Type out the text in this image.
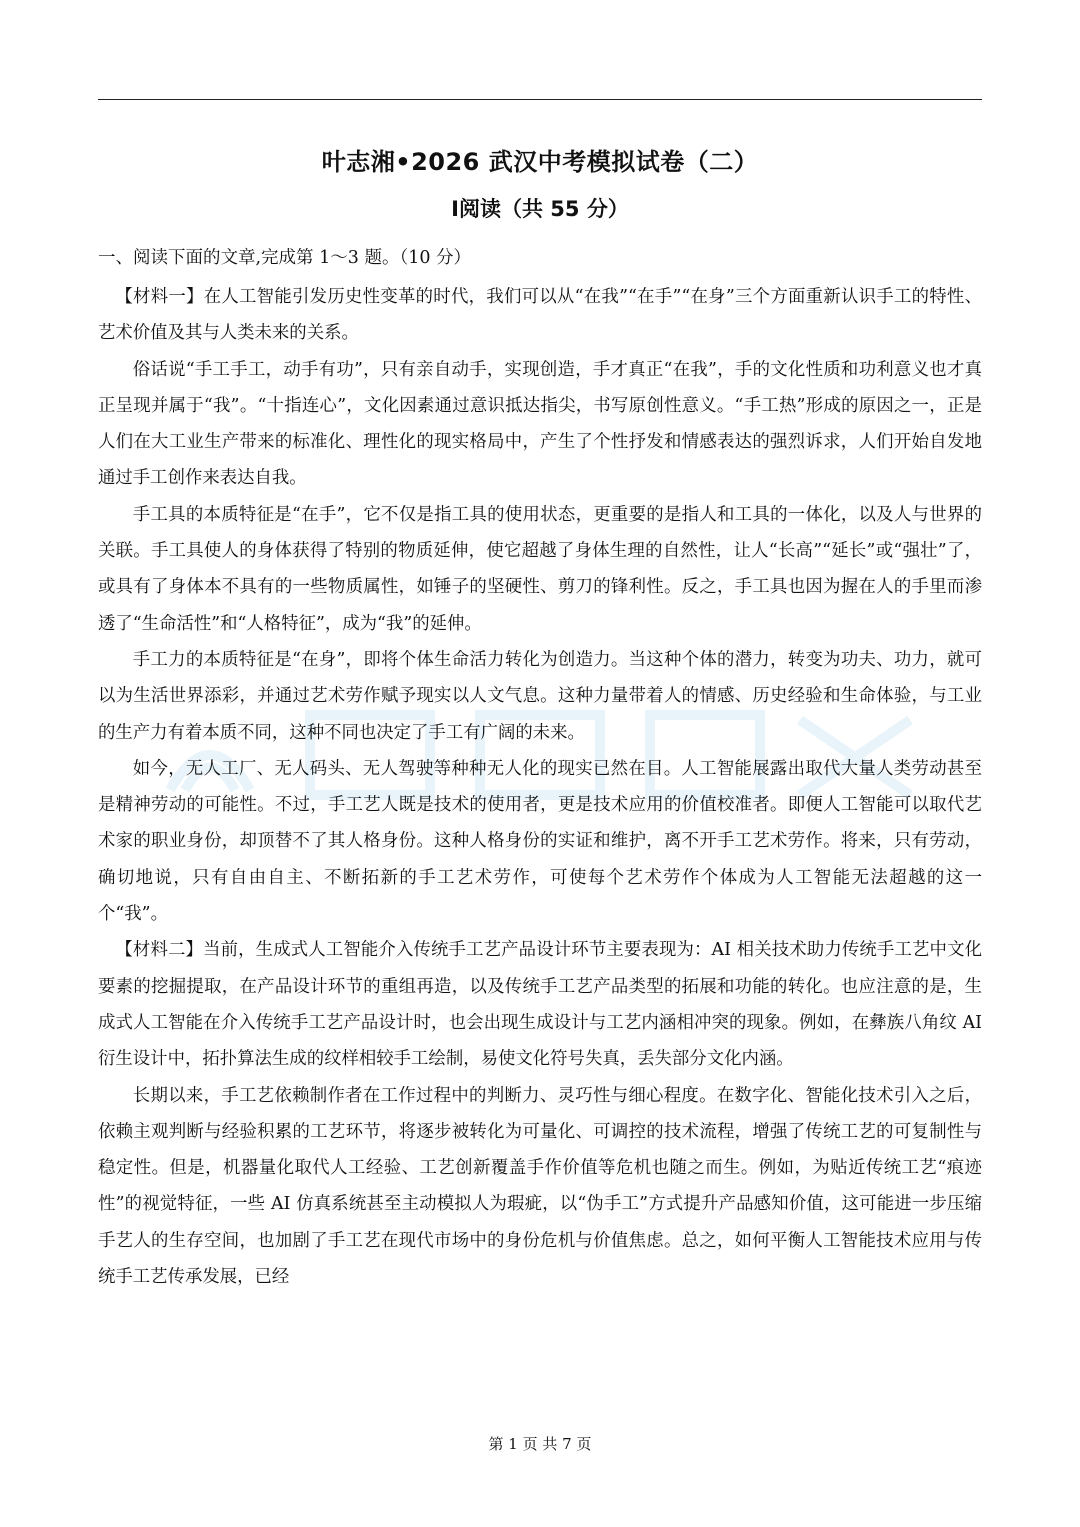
叶志湘•2026 武汉中考模拟试卷（二）
Ⅰ阅读（共 55 分）

一、阅读下面的文章,完成第 1～3 题。（10 分）

【材料一】在人工智能引发历史性变革的时代，我们可以从“在我”“在手”“在身”三个方面重新认识手工的特性、艺术价值及其与人类未来的关系。

俗话说“手工手工，动手有功”，只有亲自动手，实现创造，手才真正“在我”，手的文化性质和功利意义也才真正呈现并属于“我”。“十指连心”，文化因素通过意识抵达指尖，书写原创性意义。“手工热”形成的原因之一，正是人们在大工业生产带来的标准化、理性化的现实格局中，产生了个性抒发和情感表达的强烈诉求，人们开始自发地通过手工创作来表达自我。

手工具的本质特征是“在手”，它不仅是指工具的使用状态，更重要的是指人和工具的一体化，以及人与世界的关联。手工具使人的身体获得了特别的物质延伸，使它超越了身体生理的自然性，让人“长高”“延长”或“强壮”了，或具有了身体本不具有的一些物质属性，如锤子的坚硬性、剪刀的锋利性。反之，手工具也因为握在人的手里而渗透了“生命活性”和“人格特征”，成为“我”的延伸。

手工力的本质特征是“在身”，即将个体生命活力转化为创造力。当这种个体的潜力，转变为功夫、功力，就可以为生活世界添彩，并通过艺术劳作赋予现实以人文气息。这种力量带着人的情感、历史经验和生命体验，与工业的生产力有着本质不同，这种不同也决定了手工有广阔的未来。

如今，无人工厂、无人码头、无人驾驶等种种无人化的现实已然在目。人工智能展露出取代大量人类劳动甚至是精神劳动的可能性。不过，手工艺人既是技术的使用者，更是技术应用的价值校准者。即便人工智能可以取代艺术家的职业身份，却顶替不了其人格身份。这种人格身份的实证和维护，离不开手工艺术劳作。将来，只有劳动，确切地说，只有自由自主、不断拓新的手工艺术劳作，可使每个艺术劳作个体成为人工智能无法超越的这一个“我”。

【材料二】当前，生成式人工智能介入传统手工艺产品设计环节主要表现为：AI 相关技术助力传统手工艺中文化要素的挖掘提取，在产品设计环节的重组再造，以及传统手工艺产品类型的拓展和功能的转化。也应注意的是，生成式人工智能在介入传统手工艺产品设计时，也会出现生成设计与工艺内涵相冲突的现象。例如，在彝族八角纹 AI 衍生设计中，拓扑算法生成的纹样相较手工绘制，易使文化符号失真，丢失部分文化内涵。

长期以来，手工艺依赖制作者在工作过程中的判断力、灵巧性与细心程度。在数字化、智能化技术引入之后，依赖主观判断与经验积累的工艺环节，将逐步被转化为可量化、可调控的技术流程，增强了传统工艺的可复制性与稳定性。但是，机器量化取代人工经验、工艺创新覆盖手作价值等危机也随之而生。例如，为贴近传统工艺“痕迹性”的视觉特征，一些 AI 仿真系统甚至主动模拟人为瑕疵，以“伪手工”方式提升产品感知价值，这可能进一步压缩手艺人的生存空间，也加剧了手工艺在现代市场中的身份危机与价值焦虑。总之，如何平衡人工智能技术应用与传统手工艺传承发展，已经

第 1 页 共 7 页
